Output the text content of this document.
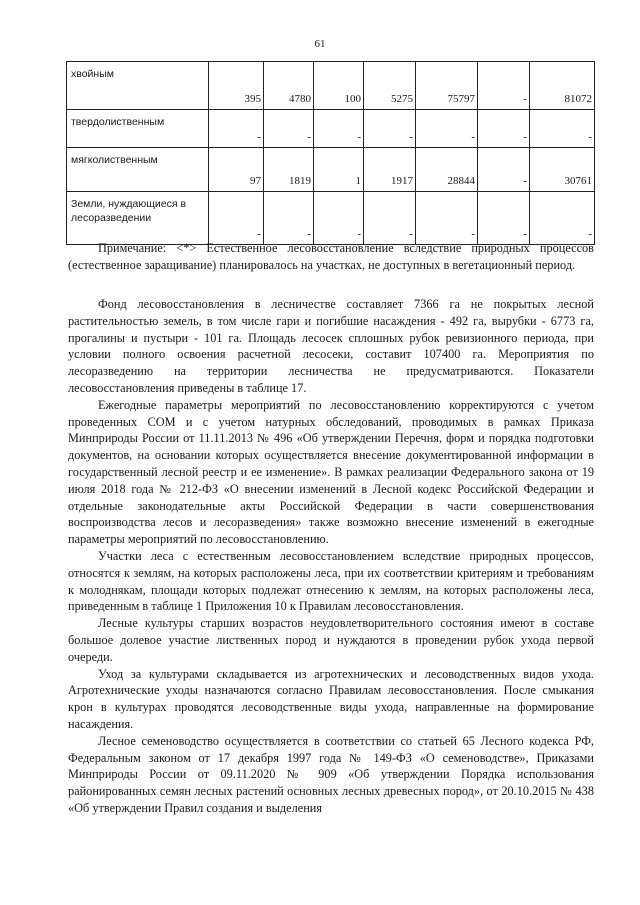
61
хвойным	395	4780	100	5275	75797	-	81072
твердолиственным	-	-	-	-	-	-	-
мягколиственным	97	1819	1	1917	28844	-	30761
Земли, нуждающиеся в лесоразведении	-	-	-	-	-	-	-

Примечание: <*> Естественное лесовосстановление вследствие природных процессов (естественное заращивание) планировалось на участках, не доступных в вегетационный период.

Фонд лесовосстановления в лесничестве составляет 7366 га не покрытых лесной растительностью земель, в том числе гари и погибшие насаждения - 492 га, вырубки - 6773 га, прогалины и пустыри - 101 га. Площадь лесосек сплошных рубок ревизионного периода, при условии полного освоения расчетной лесосеки, составит 107400 га. Мероприятия по лесоразведению на территории лесничества не предусматриваются. Показатели лесовосстановления приведены в таблице 17.

Ежегодные параметры мероприятий по лесовосстановлению корректируются с учетом проведенных СОМ и с учетом натурных обследований, проводимых в рамках Приказа Минприроды России от 11.11.2013 № 496 «Об утверждении Перечня, форм и порядка подготовки документов, на основании которых осуществляется внесение документированной информации в государственный лесной реестр и ее изменение». В рамках реализации Федерального закона от 19 июля 2018 года № 212-ФЗ «О внесении изменений в Лесной кодекс Российской Федерации и отдельные законодательные акты Российской Федерации в части совершенствования воспроизводства лесов и лесоразведения» также возможно внесение изменений в ежегодные параметры мероприятий по лесовосстановлению.

Участки леса с естественным лесовосстановлением вследствие природных процессов, относятся к землям, на которых расположены леса, при их соответствии критериям и требованиям к молоднякам, площади которых подлежат отнесению к землям, на которых расположены леса, приведенным в таблице 1 Приложения 10 к Правилам лесовосстановления.

Лесные культуры старших возрастов неудовлетворительного состояния имеют в составе большое долевое участие лиственных пород и нуждаются в проведении рубок ухода первой очереди.

Уход за культурами складывается из агротехнических и лесоводственных видов ухода. Агротехнические уходы назначаются согласно Правилам лесовосстановления. После смыкания крон в культурах проводятся лесоводственные виды ухода, направленные на формирование насаждения.

Лесное семеноводство осуществляется в соответствии со статьей 65 Лесного кодекса РФ, Федеральным законом от 17 декабря 1997 года № 149-ФЗ «О семеноводстве», Приказами Минприроды России от 09.11.2020 № 909 «Об утверждении Порядка использования районированных семян лесных растений основных лесных древесных пород», от 20.10.2015 № 438 «Об утверждении Правил создания и выделения
